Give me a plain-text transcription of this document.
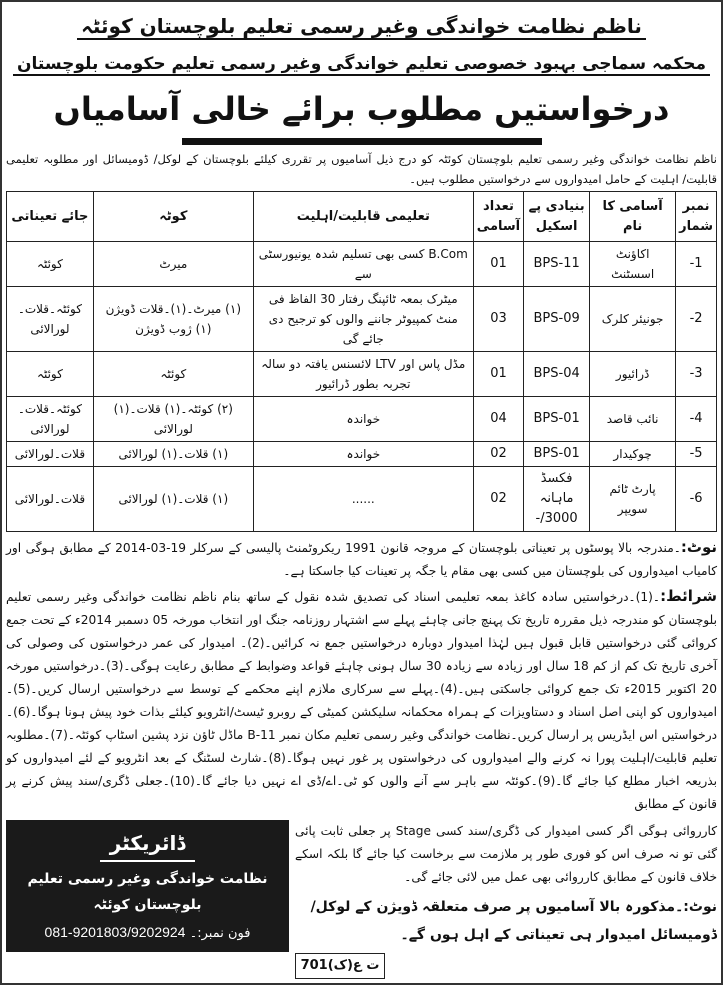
ناظم نظامت خواندگی وغیر رسمی تعلیم بلوچستان کوئٹہ
محکمہ سماجی بہبود خصوصی تعلیم خواندگی وغیر رسمی تعلیم حکومت بلوچستان
درخواستیں مطلوب برائے خالی آسامیاں
ناظم نظامت خواندگی وغیر رسمی تعلیم بلوچستان کوئٹہ کو درج ذیل آسامیوں پر تقرری کیلئے بلوچستان کے لوکل/ ڈومیسائل اور مطلوبہ تعلیمی قابلیت/ اہلیت کے حامل امیدواروں سے درخواستیں مطلوب ہیں۔
نمبر شمار	آسامی کا نام	بنیادی پے اسکیل	تعداد آسامی	تعلیمی قابلیت/اہلیت	کوٹہ	جائے تعیناتی
1-	اکاؤنٹ اسسٹنٹ	BPS-11	01	B.Com کسی بھی تسلیم شدہ یونیورسٹی سے	میرٹ	کوئٹہ
2-	جونیئر کلرک	BPS-09	03	میٹرک بمعہ ٹائپنگ رفتار 30 الفاظ فی منٹ کمپیوٹر جاننے والوں کو ترجیح دی جائے گی	(۱) میرٹ۔(۱)۔قلات ڈویژن (۱) ژوب ڈویژن	کوئٹہ۔قلات۔لورالائی
3-	ڈرائیور	BPS-04	01	مڈل پاس اور LTV لائسنس یافتہ دو سالہ تجربہ بطور ڈرائیور	کوئٹہ	کوئٹہ
4-	نائب قاصد	BPS-01	04	خواندہ	(۲) کوئٹہ۔(۱) قلات۔(۱) لورالائی	کوئٹہ۔قلات۔لورالائی
5-	چوکیدار	BPS-01	02	خواندہ	(۱) قلات۔(۱) لورالائی	قلات۔لورالائی
6-	پارٹ ٹائم سویپر	فکسڈ ماہانہ 3000/-	02	......	(۱) قلات۔(۱) لورالائی	قلات۔لورالائی

نوٹ:۔مندرجہ بالا پوسٹوں پر تعیناتی بلوچستان کے مروجہ قانون 1991 ریکروٹمنٹ پالیسی کے سرکلر 19-03-2014 کے مطابق ہوگی اور کامیاب امیدواروں کی بلوچستان میں کسی بھی مقام یا جگہ پر تعینات کیا جاسکتا ہے۔

شرائط:۔(1)۔درخواستیں سادہ کاغذ بمعہ تعلیمی اسناد کی تصدیق شدہ نقول کے ساتھ بنام ناظم نظامت خواندگی وغیر رسمی تعلیم بلوچستان کو مندرجہ ذیل مقررہ تاریخ تک پہنچ جانی چاہئے پہلے سے اشتہار روزنامہ جنگ اور انتخاب مورخہ 05 دسمبر 2014ء کے تحت جمع کروائی گئی درخواستیں قابل قبول ہیں لہٰذا امیدوار دوبارہ درخواستیں جمع نہ کرائیں۔(2)۔ امیدوار کی عمر درخواستوں کی وصولی کی آخری تاریخ تک کم از کم 18 سال اور زیادہ سے زیادہ 30 سال ہونی چاہئے قواعد وضوابط کے مطابق رعایت ہوگی۔(3)۔درخواستیں مورخہ 20 اکتوبر 2015ء تک جمع کروائی جاسکتی ہیں۔(4)۔پہلے سے سرکاری ملازم اپنے محکمے کے توسط سے درخواستیں ارسال کریں۔(5)۔امیدواروں کو اپنی اصل اسناد و دستاویزات کے ہمراہ محکمانہ سلیکشن کمیٹی کے روبرو ٹیسٹ/انٹرویو کیلئے بذات خود پیش ہونا ہوگا۔(6)۔درخواستیں اس ایڈریس پر ارسال کریں۔نظامت خواندگی وغیر رسمی تعلیم مکان نمبر 11-B ماڈل ٹاؤن نزد پشین اسٹاپ کوئٹہ۔(7)۔مطلوبہ تعلیم قابلیت/اہلیت پورا نہ کرنے والے امیدواروں کی درخواستوں پر غور نہیں ہوگا۔(8)۔شارٹ لسٹنگ کے بعد انٹرویو کے لئے امیدواروں کو بذریعہ اخبار مطلع کیا جائے گا۔(9)۔کوئٹہ سے باہر سے آنے والوں کو ٹی۔اے/ڈی اے نہیں دیا جائے گا۔(10)۔جعلی ڈگری/سند پیش کرنے پر قانون کے مطابق

کارروائی ہوگی اگر کسی امیدوار کی ڈگری/سند کسی Stage پر جعلی ثابت پائی گئی تو نہ صرف اس کو فوری طور پر ملازمت سے برخاست کیا جائے گا بلکہ اسکے خلاف قانون کے مطابق کارروائی بھی عمل میں لائی جائے گی۔
نوٹ:۔مذکورہ بالا آسامیوں پر صرف متعلقہ ڈویژن کے لوکل/ڈومیسائل امیدوار ہی تعیناتی کے اہل ہوں گے۔
ت ع(ک)701
ڈائریکٹر
نظامت خواندگی وغیر رسمی تعلیم بلوچستان کوئٹہ
فون نمبر:۔ 081-9201803/9202924
